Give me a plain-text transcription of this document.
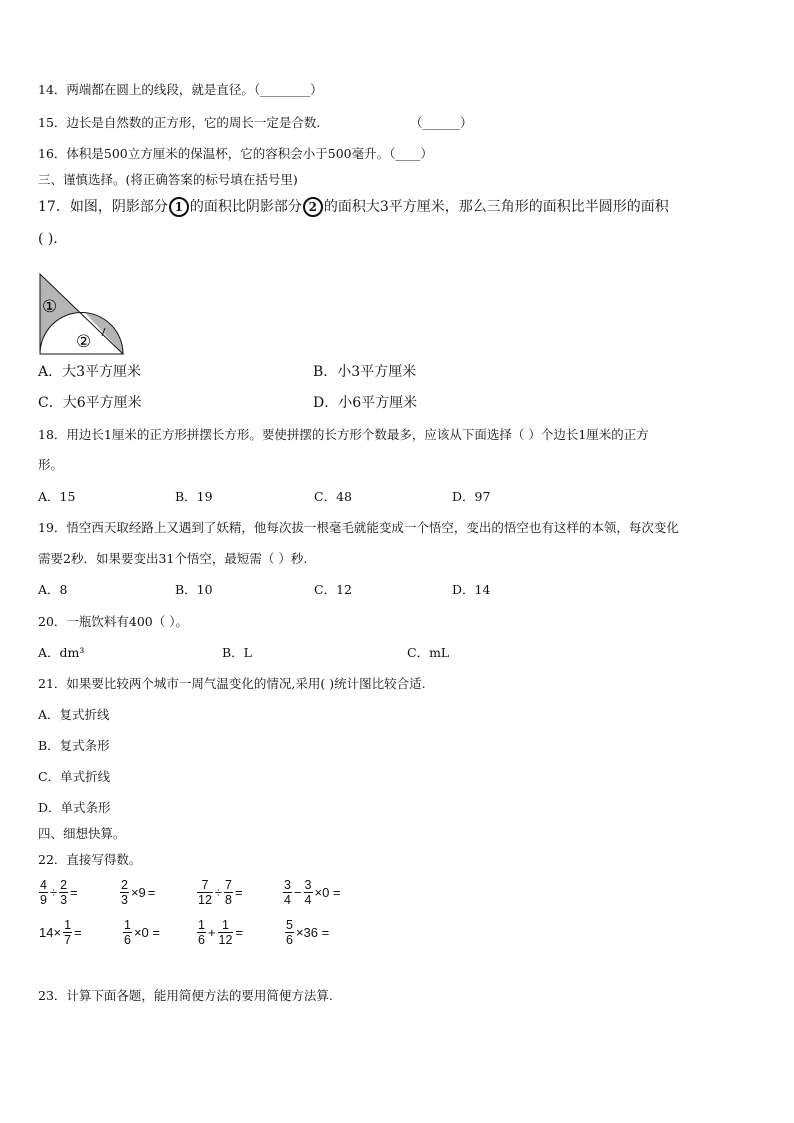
14．两端都在圆上的线段，就是直径。（________）
15．边长是自然数的正方形，它的周长一定是合数.	（______）
16．体积是500立方厘米的保温杯，它的容积会小于500毫升。（____）
三、谨慎选择。(将正确答案的标号填在括号里)
17．如图，阴影部分 1 的面积比阴影部分 2 的面积大3平方厘米，那么三角形的面积比半圆形的面积
( )．
①
②
A．大3平方厘米	B．小3平方厘米
C．大6平方厘米	D．小6平方厘米
18．用边长1厘米的正方形拼摆长方形。要使拼摆的长方形个数最多，应该从下面选择（ ）个边长1厘米的正方
形。
A．15	B．19	C．48	D．97
19．悟空西天取经路上又遇到了妖精，他每次拔一根毫毛就能变成一个悟空，变出的悟空也有这样的本领，每次变化
需要2秒．如果要变出31个悟空，最短需（ ）秒.
A．8	B．10	C．12	D．14
20．一瓶饮料有400（ ）。
A．dm³	B．L	C．mL
21．如果要比较两个城市一周气温变化的情况,采用( )统计图比较合适.
A．复式折线
B．复式条形
C．单式折线
D．单式条形
四、细想快算。
22．直接写得数。
$\frac{4}{9} \div \frac{2}{3}$ =	$\frac{2}{3} \times 9$ =	$\frac{7}{12} \div \frac{7}{8}$ =	$\frac{3}{4} - \frac{3}{4} \times 0$ =
$14\times \frac{1}{7}$ =	$\frac{1}{6} \times 0$ =	$\frac{1}{6} + \frac{1}{12}$ =	$\frac{5}{6} \times 36$ =
23．计算下面各题，能用简便方法的要用简便方法算.
